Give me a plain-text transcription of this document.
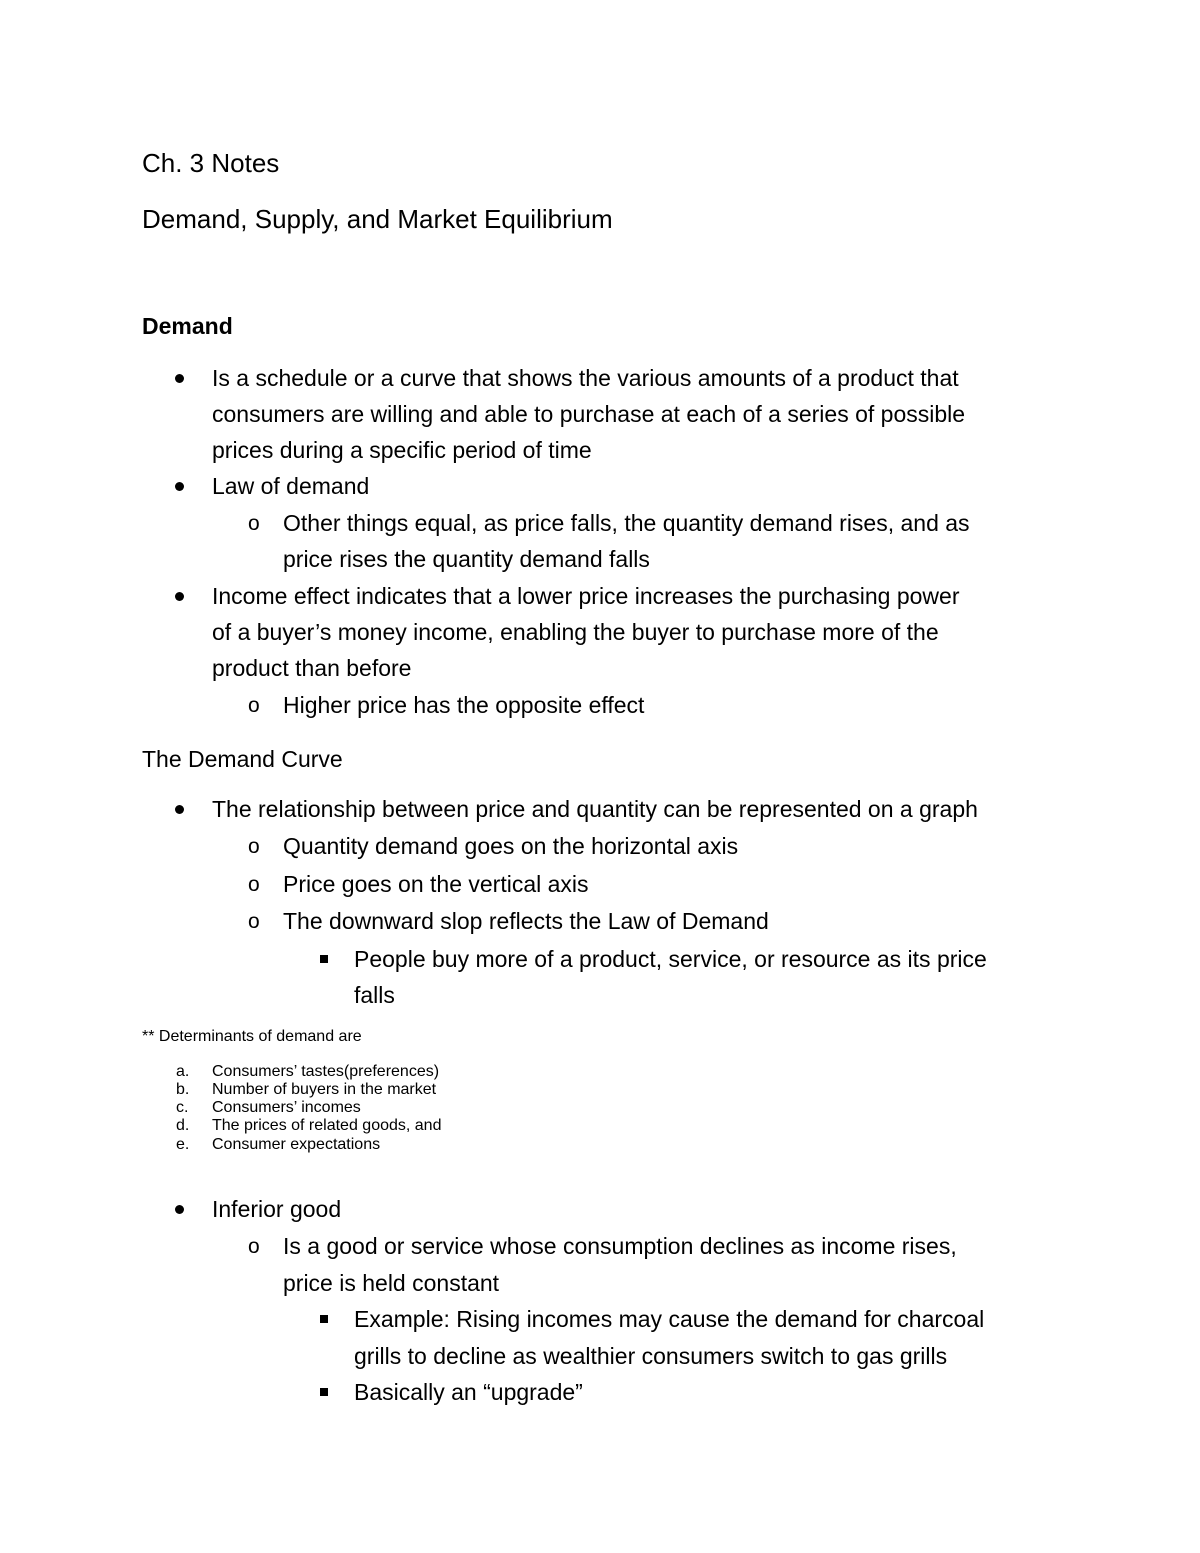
Ch. 3 Notes
Demand, Supply, and Market Equilibrium
Demand
Is a schedule or a curve that shows the various amounts of a product that
consumers are willing and able to purchase at each of a series of possible
prices during a specific period of time
Law of demand
o Other things equal, as price falls, the quantity demand rises, and as
price rises the quantity demand falls
Income effect indicates that a lower price increases the purchasing power
of a buyer’s money income, enabling the buyer to purchase more of the
product than before
o Higher price has the opposite effect
The Demand Curve
The relationship between price and quantity can be represented on a graph
o Quantity demand goes on the horizontal axis
o Price goes on the vertical axis
o The downward slop reflects the Law of Demand
People buy more of a product, service, or resource as its price
falls
** Determinants of demand are
a. Consumers’ tastes(preferences)
b. Number of buyers in the market
c. Consumers’ incomes
d. The prices of related goods, and
e. Consumer expectations
Inferior good
o Is a good or service whose consumption declines as income rises,
price is held constant
Example: Rising incomes may cause the demand for charcoal
grills to decline as wealthier consumers switch to gas grills
Basically an “upgrade”
